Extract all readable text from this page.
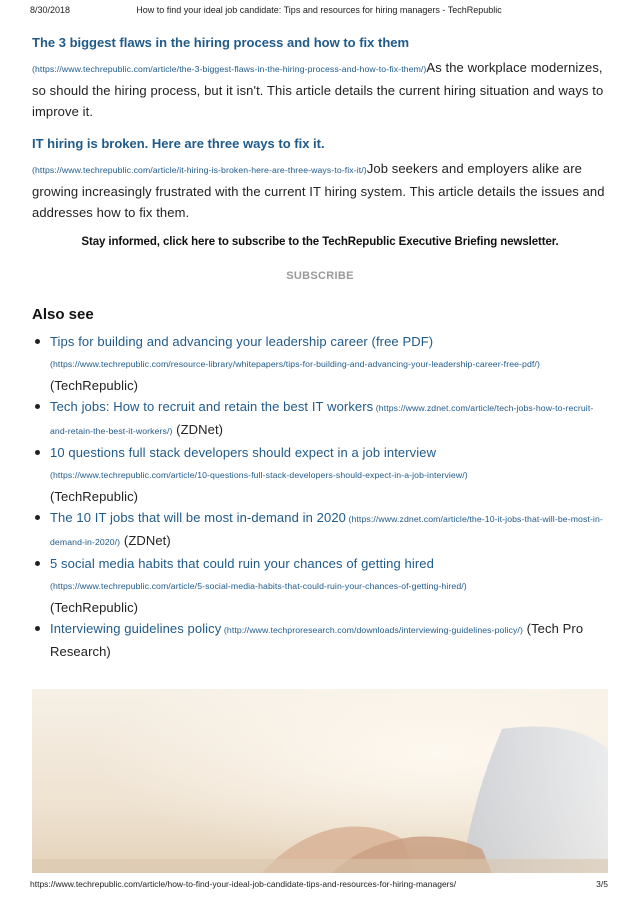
8/30/2018	How to find your ideal job candidate: Tips and resources for hiring managers - TechRepublic
The 3 biggest flaws in the hiring process and how to fix them

(https://www.techrepublic.com/article/the-3-biggest-flaws-in-the-hiring-process-and-how-to-fix-them/)As the workplace modernizes, so should the hiring process, but it isn't. This article details the current hiring situation and ways to improve it.

IT hiring is broken. Here are three ways to fix it.

(https://www.techrepublic.com/article/it-hiring-is-broken-here-are-three-ways-to-fix-it/)Job seekers and employers alike are growing increasingly frustrated with the current IT hiring system. This article details the issues and addresses how to fix them.

Stay informed, click here to subscribe to the TechRepublic Executive Briefing newsletter.
SUBSCRIBE
Also see
Tips for building and advancing your leadership career (free PDF)
(https://www.techrepublic.com/resource-library/whitepapers/tips-for-building-and-advancing-your-leadership-career-free-pdf/) (TechRepublic)
Tech jobs: How to recruit and retain the best IT workers (https://www.zdnet.com/article/tech-jobs-how-to-recruit-and-retain-the-best-it-workers/) (ZDNet)
10 questions full stack developers should expect in a job interview
(https://www.techrepublic.com/article/10-questions-full-stack-developers-should-expect-in-a-job-interview/)
(TechRepublic)
The 10 IT jobs that will be most in-demand in 2020 (https://www.zdnet.com/article/the-10-it-jobs-that-will-be-most-in-demand-in-2020/) (ZDNet)
5 social media habits that could ruin your chances of getting hired
(https://www.techrepublic.com/article/5-social-media-habits-that-could-ruin-your-chances-of-getting-hired/)
(TechRepublic)
Interviewing guidelines policy (http://www.techproresearch.com/downloads/interviewing-guidelines-policy/) (Tech Pro Research)
https://www.techrepublic.com/article/how-to-find-your-ideal-job-candidate-tips-and-resources-for-hiring-managers/	3/5
